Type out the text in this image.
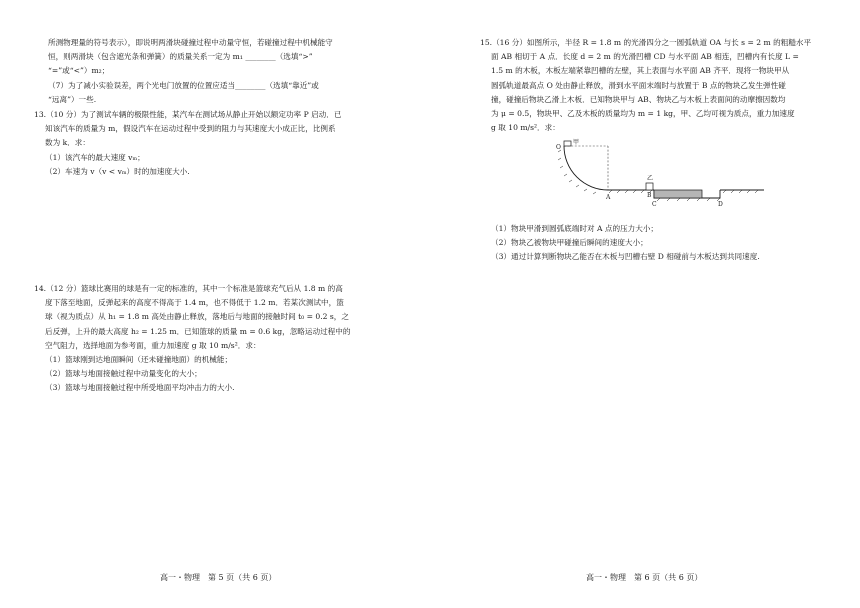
所测物理量的符号表示），即说明两滑块碰撞过程中动量守恒，若碰撞过程中机械能守
恒，则两滑块（包含遮光条和弹簧）的质量关系一定为 m₁ ________（选填“>”
“=”或“<”）m₂；
（7）为了减小实验误差，两个光电门放置的位置应适当________（选填“靠近”或
“远离”）一些.
13.（10 分）为了测试车辆的极限性能，某汽车在测试场从静止开始以额定功率 P 启动．已
知该汽车的质量为 m，假设汽车在运动过程中受到的阻力与其速度大小成正比，比例系
数为 k．求：
（1）该汽车的最大速度 vₘ；
（2）车速为 v（v < vₘ）时的加速度大小.
14.（12 分）篮球比赛用的球是有一定的标准的，其中一个标准是篮球充气后从 1.8 m 的高
度下落至地面，反弹起来的高度不得高于 1.4 m，也不得低于 1.2 m．若某次测试中，篮
球（视为质点）从 h₁ = 1.8 m 高处由静止释放，落地后与地面的接触时间 t₀ = 0.2 s，之
后反弹，上升的最大高度 h₂ = 1.25 m．已知篮球的质量 m = 0.6 kg，忽略运动过程中的
空气阻力，选择地面为参考面，重力加速度 g 取 10 m/s²．求：
（1）篮球刚到达地面瞬间（还未碰撞地面）的机械能；
（2）篮球与地面接触过程中动量变化的大小；
（3）篮球与地面接触过程中所受地面平均冲击力的大小.
高一・物理　第 5 页（共 6 页）
15.（16 分）如图所示，半径 R = 1.8 m 的光滑四分之一圆弧轨道 OA 与长 s = 2 m 的粗糙水平
面 AB 相切于 A 点．长度 d = 2 m 的光滑凹槽 CD 与水平面 AB 相连，凹槽内有长度 L =
1.5 m 的木板，木板左端紧靠凹槽的左壁，其上表面与水平面 AB 齐平．现将一物块甲从
圆弧轨道最高点 O 处由静止释放，滑到水平面末端时与放置于 B 点的物块乙发生弹性碰
撞，碰撞后物块乙滑上木板．已知物块甲与 AB、物块乙与木板上表面间的动摩擦因数均
为 μ = 0.5，物块甲、乙及木板的质量均为 m = 1 kg，甲、乙均可视为质点，重力加速度
g 取 10 m/s²．求：
O
甲
乙
A	B
C	D
（1）物块甲滑到圆弧底端时对 A 点的压力大小；
（2）物块乙被物块甲碰撞后瞬间的速度大小；
（3）通过计算判断物块乙能否在木板与凹槽右壁 D 相碰前与木板达到共同速度.
高一・物理　第 6 页（共 6 页）
